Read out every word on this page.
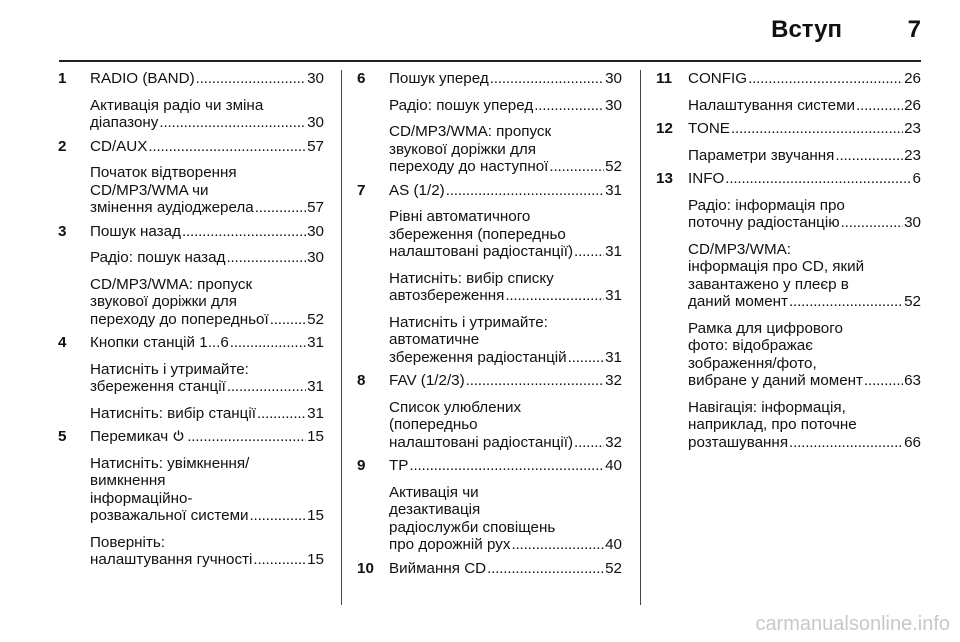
Вступ	7
1	RADIO (BAND) . . .	30
Активація радіо чи зміна
діапазону . . .	30
2	CD/AUX . . .	57
Початок відтворення
CD/MP3/WMA чи
змінення аудіоджерела . . .	57
3	Пошук назад . . .	30
Радіо: пошук назад . . .	30
CD/MP3/WMA: пропуск
звукової доріжки для
переходу до попередньої . . .	52
4	Кнопки станцій 1...6 . . .	31
Натисніть і утримайте:
збереження станції . . .	31
Натисніть: вибір станції . . .	31
5	Перемикач . . .	15
Натисніть: увімкнення/
вимкнення
інформаційно-
розважальної системи . . .	15
Поверніть:
налаштування гучності . . .	15
6	Пошук уперед . . .	30
Радіо: пошук уперед . . .	30
CD/MP3/WMA: пропуск
звукової доріжки для
переходу до наступної . . .	52
7	AS (1/2) . . .	31
Рівні автоматичного
збереження (попередньо
налаштовані радіостанції) . . . 31
Натисніть: вибір списку
автозбереження . . .	31
Натисніть і утримайте:
автоматичне
збереження радіостанцій . . .	31
8	FAV (1/2/3) . . .	32
Список улюблених
(попередньо
налаштовані радіостанції) . . . 32
9	TP . . .	40
Активація чи
дезактивація
радіослужби сповіщень
про дорожній рух . . .	40
10 Виймання CD . . .	52
11	CONFIG . . .	26
Налаштування системи . . .	26
12 TONE . . .	23
Параметри звучання . . .	23
13 INFO . . .	6
Радіо: інформація про
поточну радіостанцію . . .	30
CD/MP3/WMA:
інформація про CD, який
завантажено у плеєр в
даний момент . . .	52
Рамка для цифрового
фото: відображає
зображення/фото,
вибране у даний момент . . .	63
Навігація: інформація,
наприклад, про поточне
розташування . . .	66
carmanualsonline.info
